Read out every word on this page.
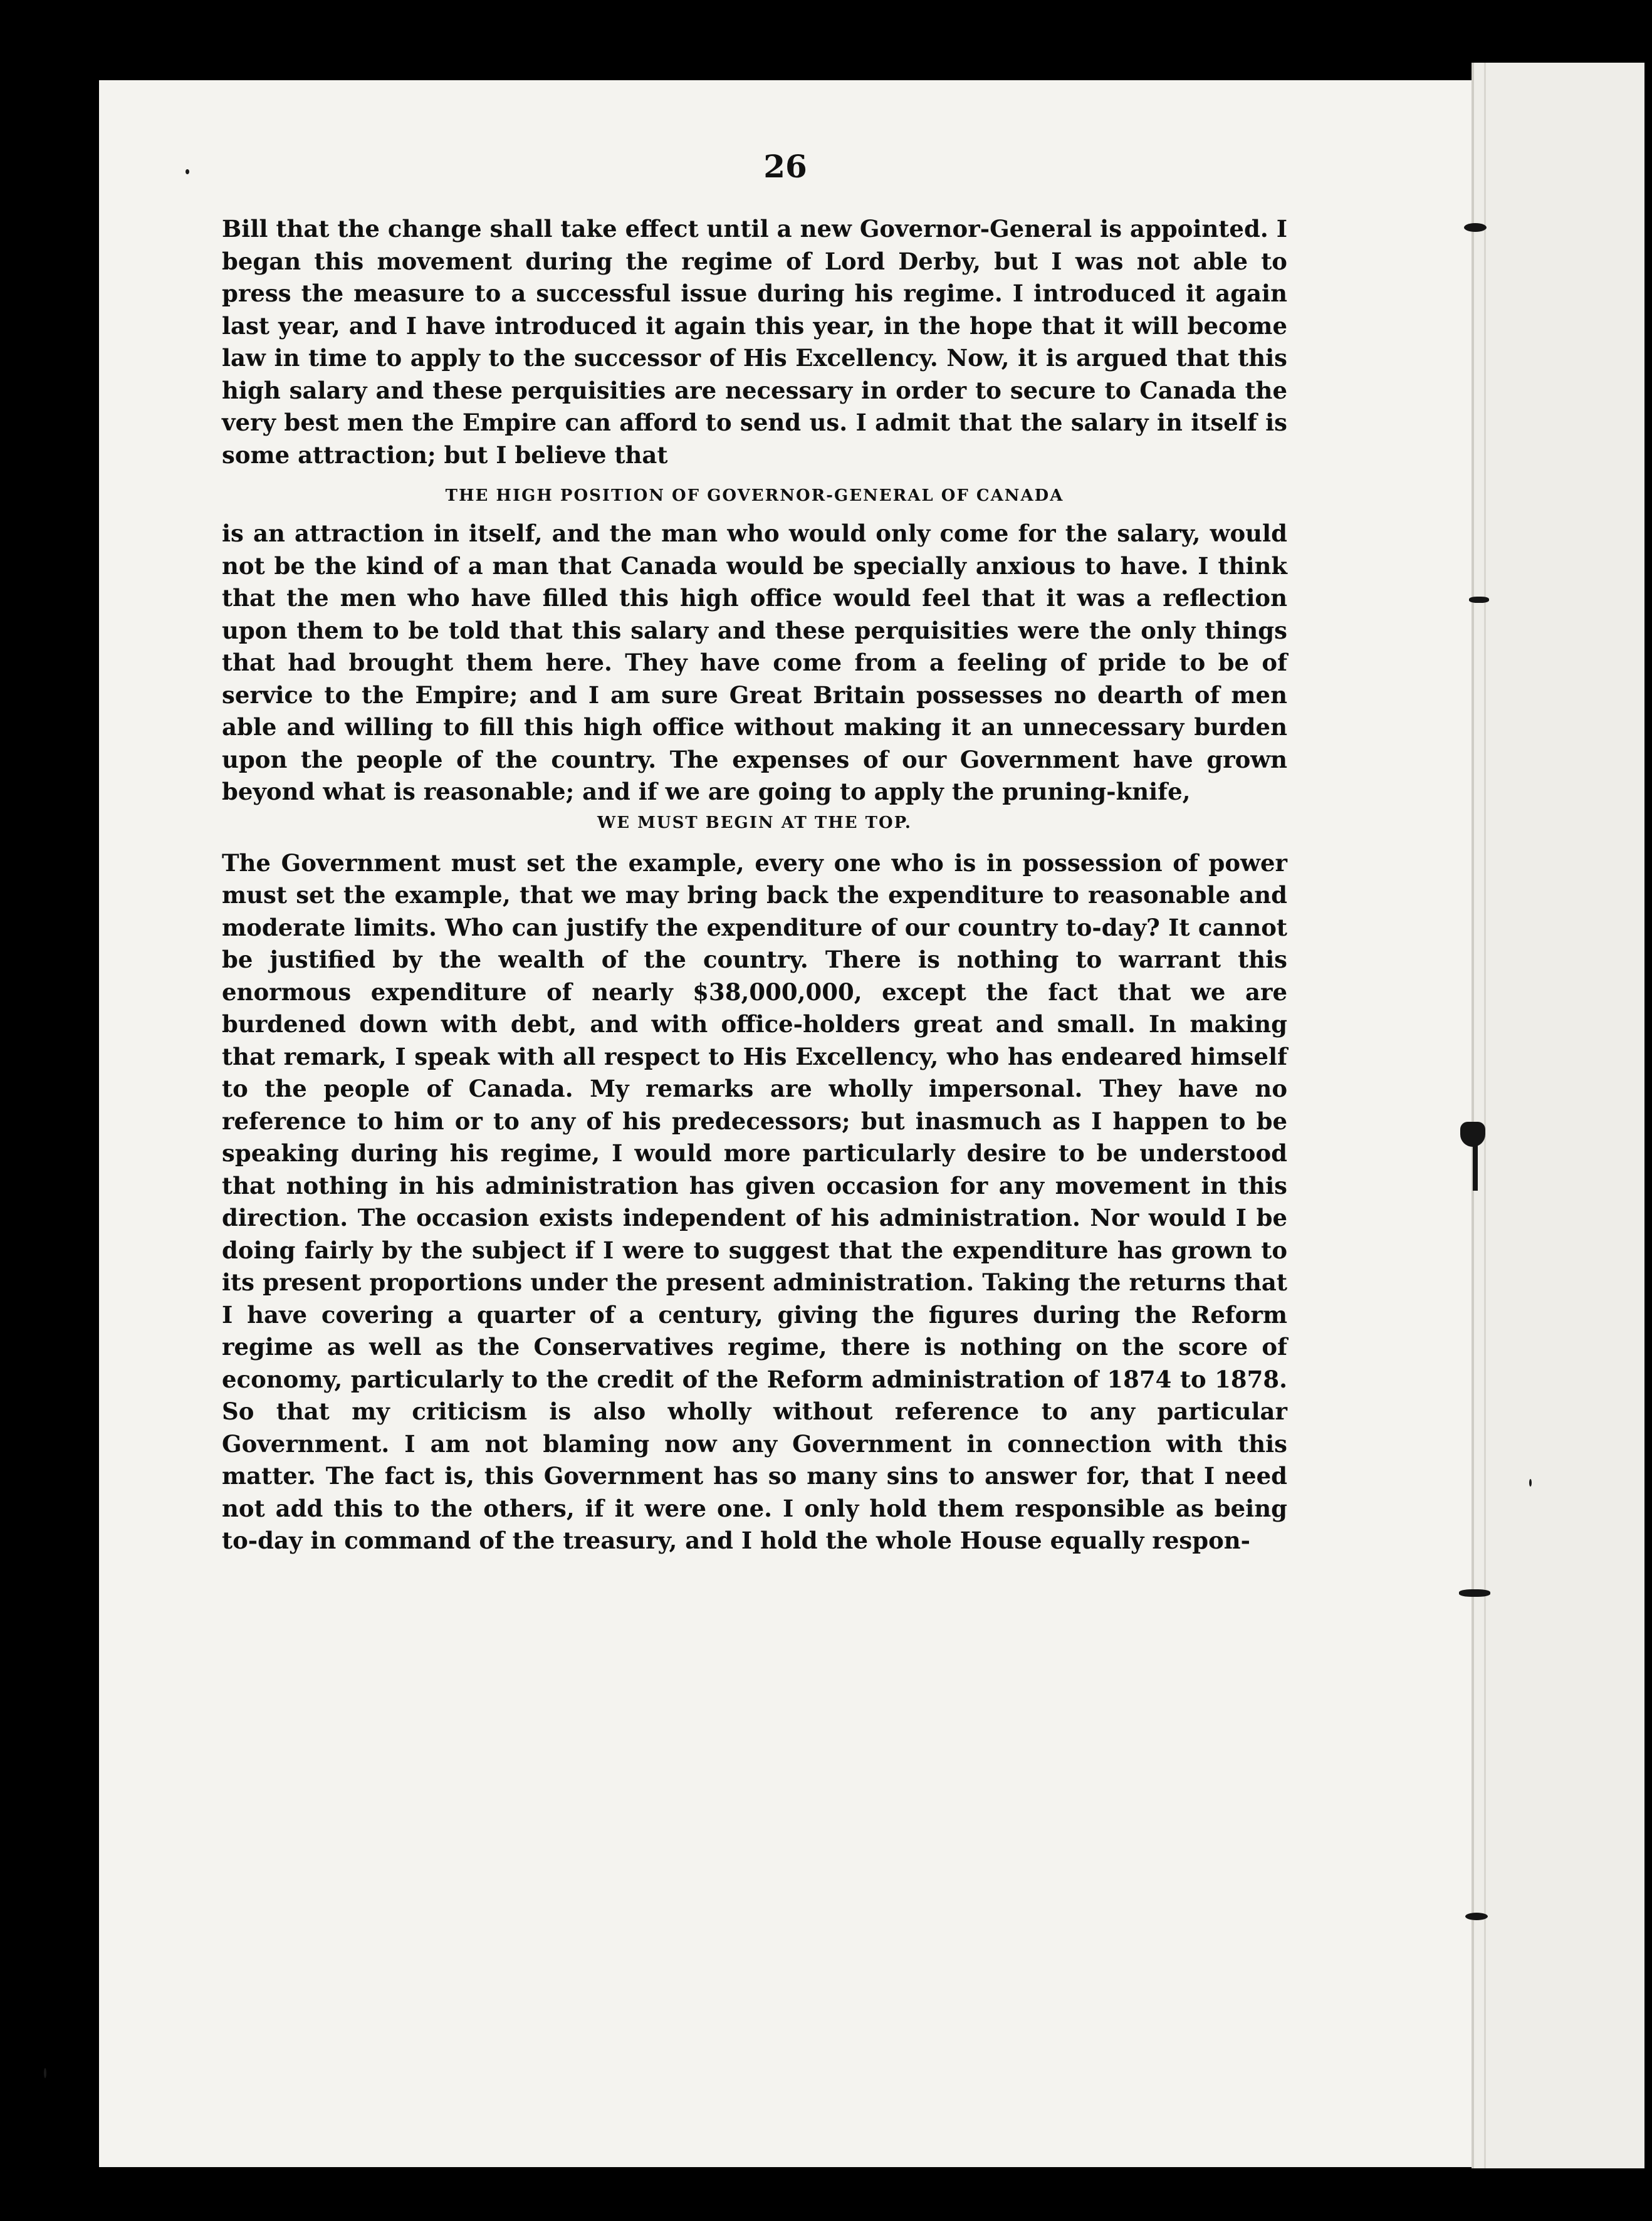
26

Bill that the change shall take effect until a new Governor-General is appointed. I began this movement during the regime of Lord Derby, but I was not able to press the measure to a successful issue during his regime. I introduced it again last year, and I have introduced it again this year, in the hope that it will become law in time to apply to the successor of His Excellency. Now, it is argued that this high salary and these perquisities are necessary in order to secure to Canada the very best men the Empire can afford to send us. I admit that the salary in itself is some attraction; but I believe that

THE HIGH POSITION OF GOVERNOR-GENERAL OF CANADA

is an attraction in itself, and the man who would only come for the salary, would not be the kind of a man that Canada would be specially anxious to have. I think that the men who have filled this high office would feel that it was a reflection upon them to be told that this salary and these perquisities were the only things that had brought them here. They have come from a feeling of pride to be of service to the Empire; and I am sure Great Britain possesses no dearth of men able and willing to fill this high office without making it an unnecessary burden upon the people of the country. The expenses of our Government have grown beyond what is reasonable; and if we are going to apply the pruning-knife,

WE MUST BEGIN AT THE TOP.

The Government must set the example, every one who is in possession of power must set the example, that we may bring back the expenditure to reasonable and moderate limits. Who can justify the expenditure of our country to-day? It cannot be justified by the wealth of the country. There is nothing to warrant this enormous expenditure of nearly $38,000,000, except the fact that we are burdened down with debt, and with office-holders great and small. In making that remark, I speak with all respect to His Excellency, who has endeared himself to the people of Canada. My remarks are wholly impersonal. They have no reference to him or to any of his predecessors; but inasmuch as I happen to be speaking during his regime, I would more particularly desire to be understood that nothing in his administration has given occasion for any movement in this direction. The occasion exists independent of his administration. Nor would I be doing fairly by the subject if I were to suggest that the expenditure has grown to its present proportions under the present administration. Taking the returns that I have covering a quarter of a century, giving the figures during the Reform regime as well as the Conservatives regime, there is nothing on the score of economy, particularly to the credit of the Reform administration of 1874 to 1878. So that my criticism is also wholly without reference to any particular Government. I am not blaming now any Government in connection with this matter. The fact is, this Government has so many sins to answer for, that I need not add this to the others, if it were one. I only hold them responsible as being to-day in command of the treasury, and I hold the whole House equally respon-
